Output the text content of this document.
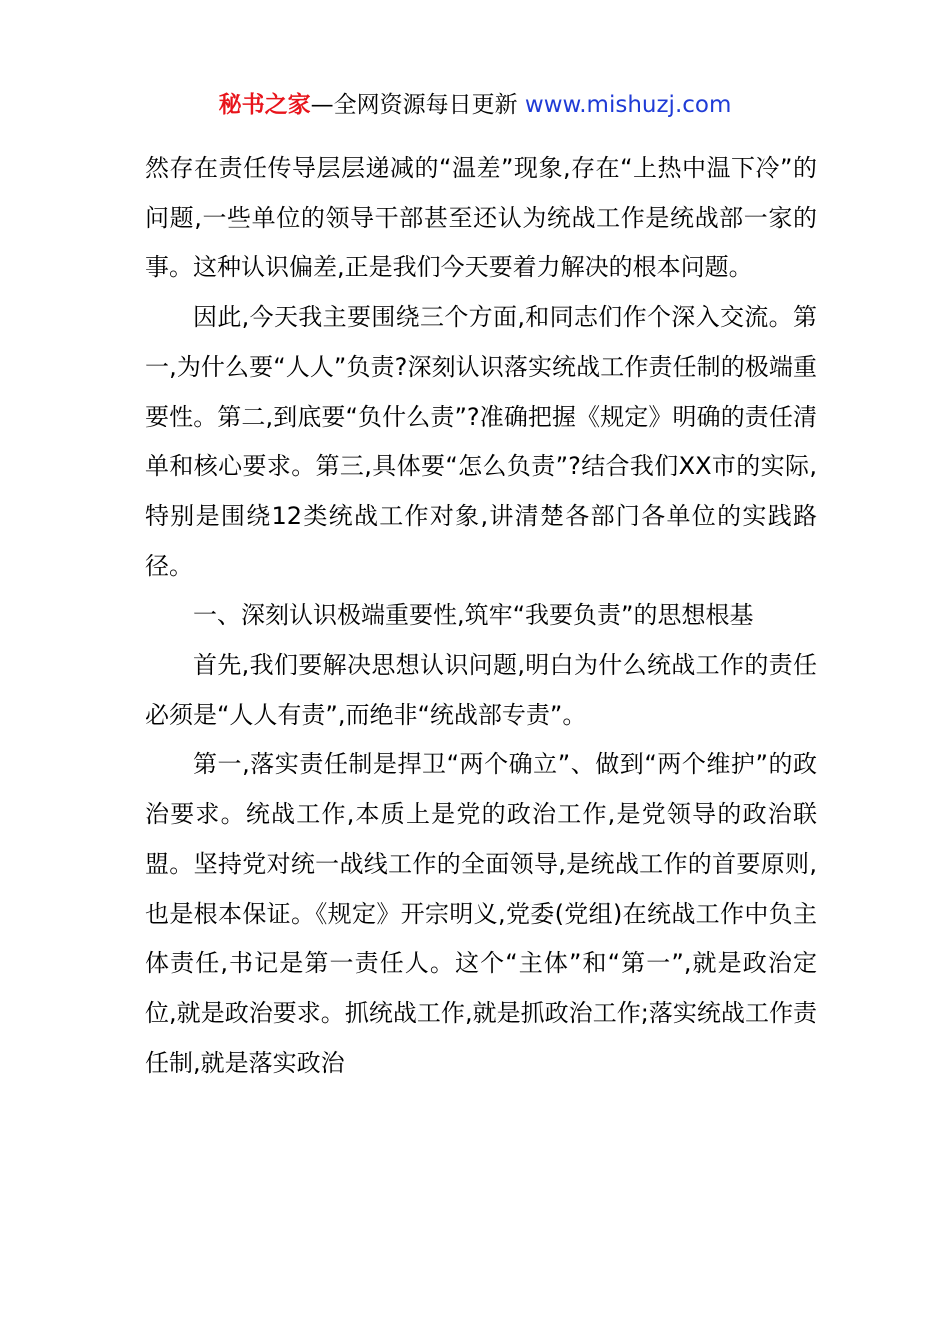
秘书之家—全网资源每日更新 www.mishuzj.com

然存在责任传导层层递减的“温差”现象,存在“上热中温下冷”的问题,一些单位的领导干部甚至还认为统战工作是统战部一家的事。这种认识偏差,正是我们今天要着力解决的根本问题。

因此,今天我主要围绕三个方面,和同志们作个深入交流。第一,为什么要“人人”负责?深刻认识落实统战工作责任制的极端重要性。第二,到底要“负什么责”?准确把握《规定》明确的责任清单和核心要求。第三,具体要“怎么负责”?结合我们XX市的实际,特别是围绕12类统战工作对象,讲清楚各部门各单位的实践路径。

一、深刻认识极端重要性,筑牢“我要负责”的思想根基

首先,我们要解决思想认识问题,明白为什么统战工作的责任必须是“人人有责”,而绝非“统战部专责”。

第一,落实责任制是捍卫“两个确立”、做到“两个维护”的政治要求。统战工作,本质上是党的政治工作,是党领导的政治联盟。坚持党对统一战线工作的全面领导,是统战工作的首要原则,也是根本保证。《规定》开宗明义,党委(党组)在统战工作中负主体责任,书记是第一责任人。这个“主体”和“第一”,就是政治定位,就是政治要求。抓统战工作,就是抓政治工作;落实统战工作责任制,就是落实政治
